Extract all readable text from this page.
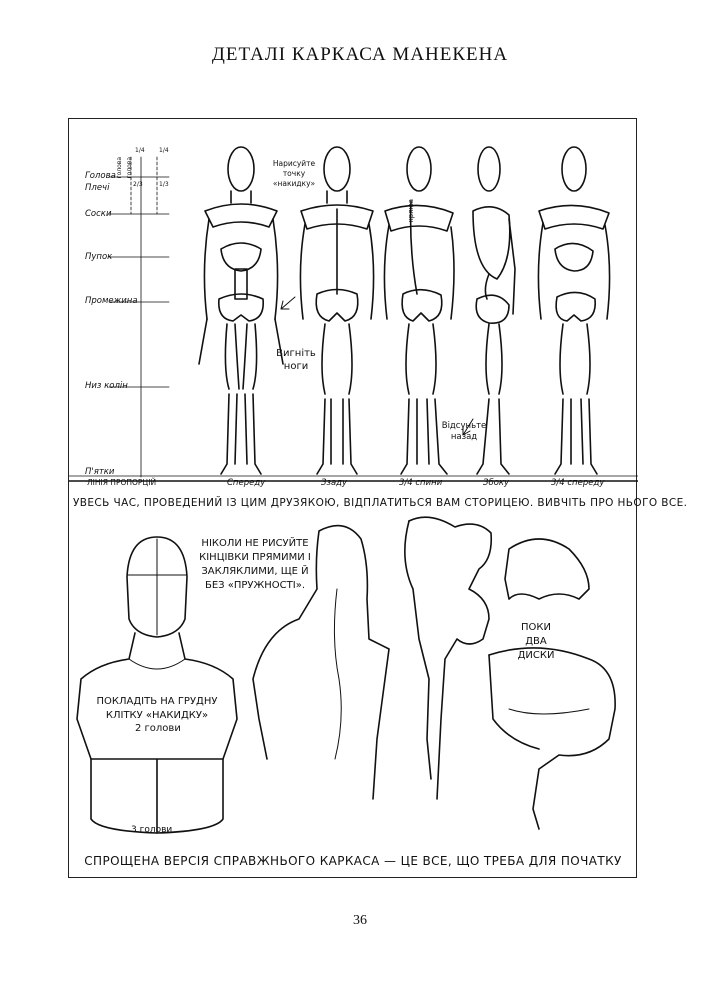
ДЕТАЛІ КАРКАСА МАНЕКЕНА
Голова
Плечі
Соски
Пупок
Промежина
Низ колін
П'ятки
голова голова
1/4 1/4
2/3	1/3
Нарисуйте точку «накидку»
кряжа
Вигніть ноги
Відсуньте назад
ЛІНІЯ ПРОПОРЦІЙ	Спереду	Ззаду	3/4 спини	Збоку	3/4 спереду
УВЕСЬ ЧАС, ПРОВЕДЕНИЙ ІЗ ЦИМ ДРУЗЯКОЮ, ВІДПЛАТИТЬСЯ ВАМ СТОРИЦЕЮ. ВИВЧІТЬ ПРО НЬОГО ВСЕ.
СПРОЩЕНА ВЕРСІЯ СПРАВЖНЬОГО КАРКАСА — ЦЕ ВСЕ, ЩО ТРЕБА ДЛЯ ПОЧАТКУ
НІКОЛИ НЕ РИСУЙТЕ КІНЦІВКИ ПРЯМИМИ І ЗАКЛЯКЛИМИ, ЩЕ Й БЕЗ «ПРУЖНОСТІ».
ПОКЛАДІТЬ НА ГРУДНУ КЛІТКУ «НАКИДКУ»
2 голови
3 голови
ПОКИ ДВА ДИСКИ
36
